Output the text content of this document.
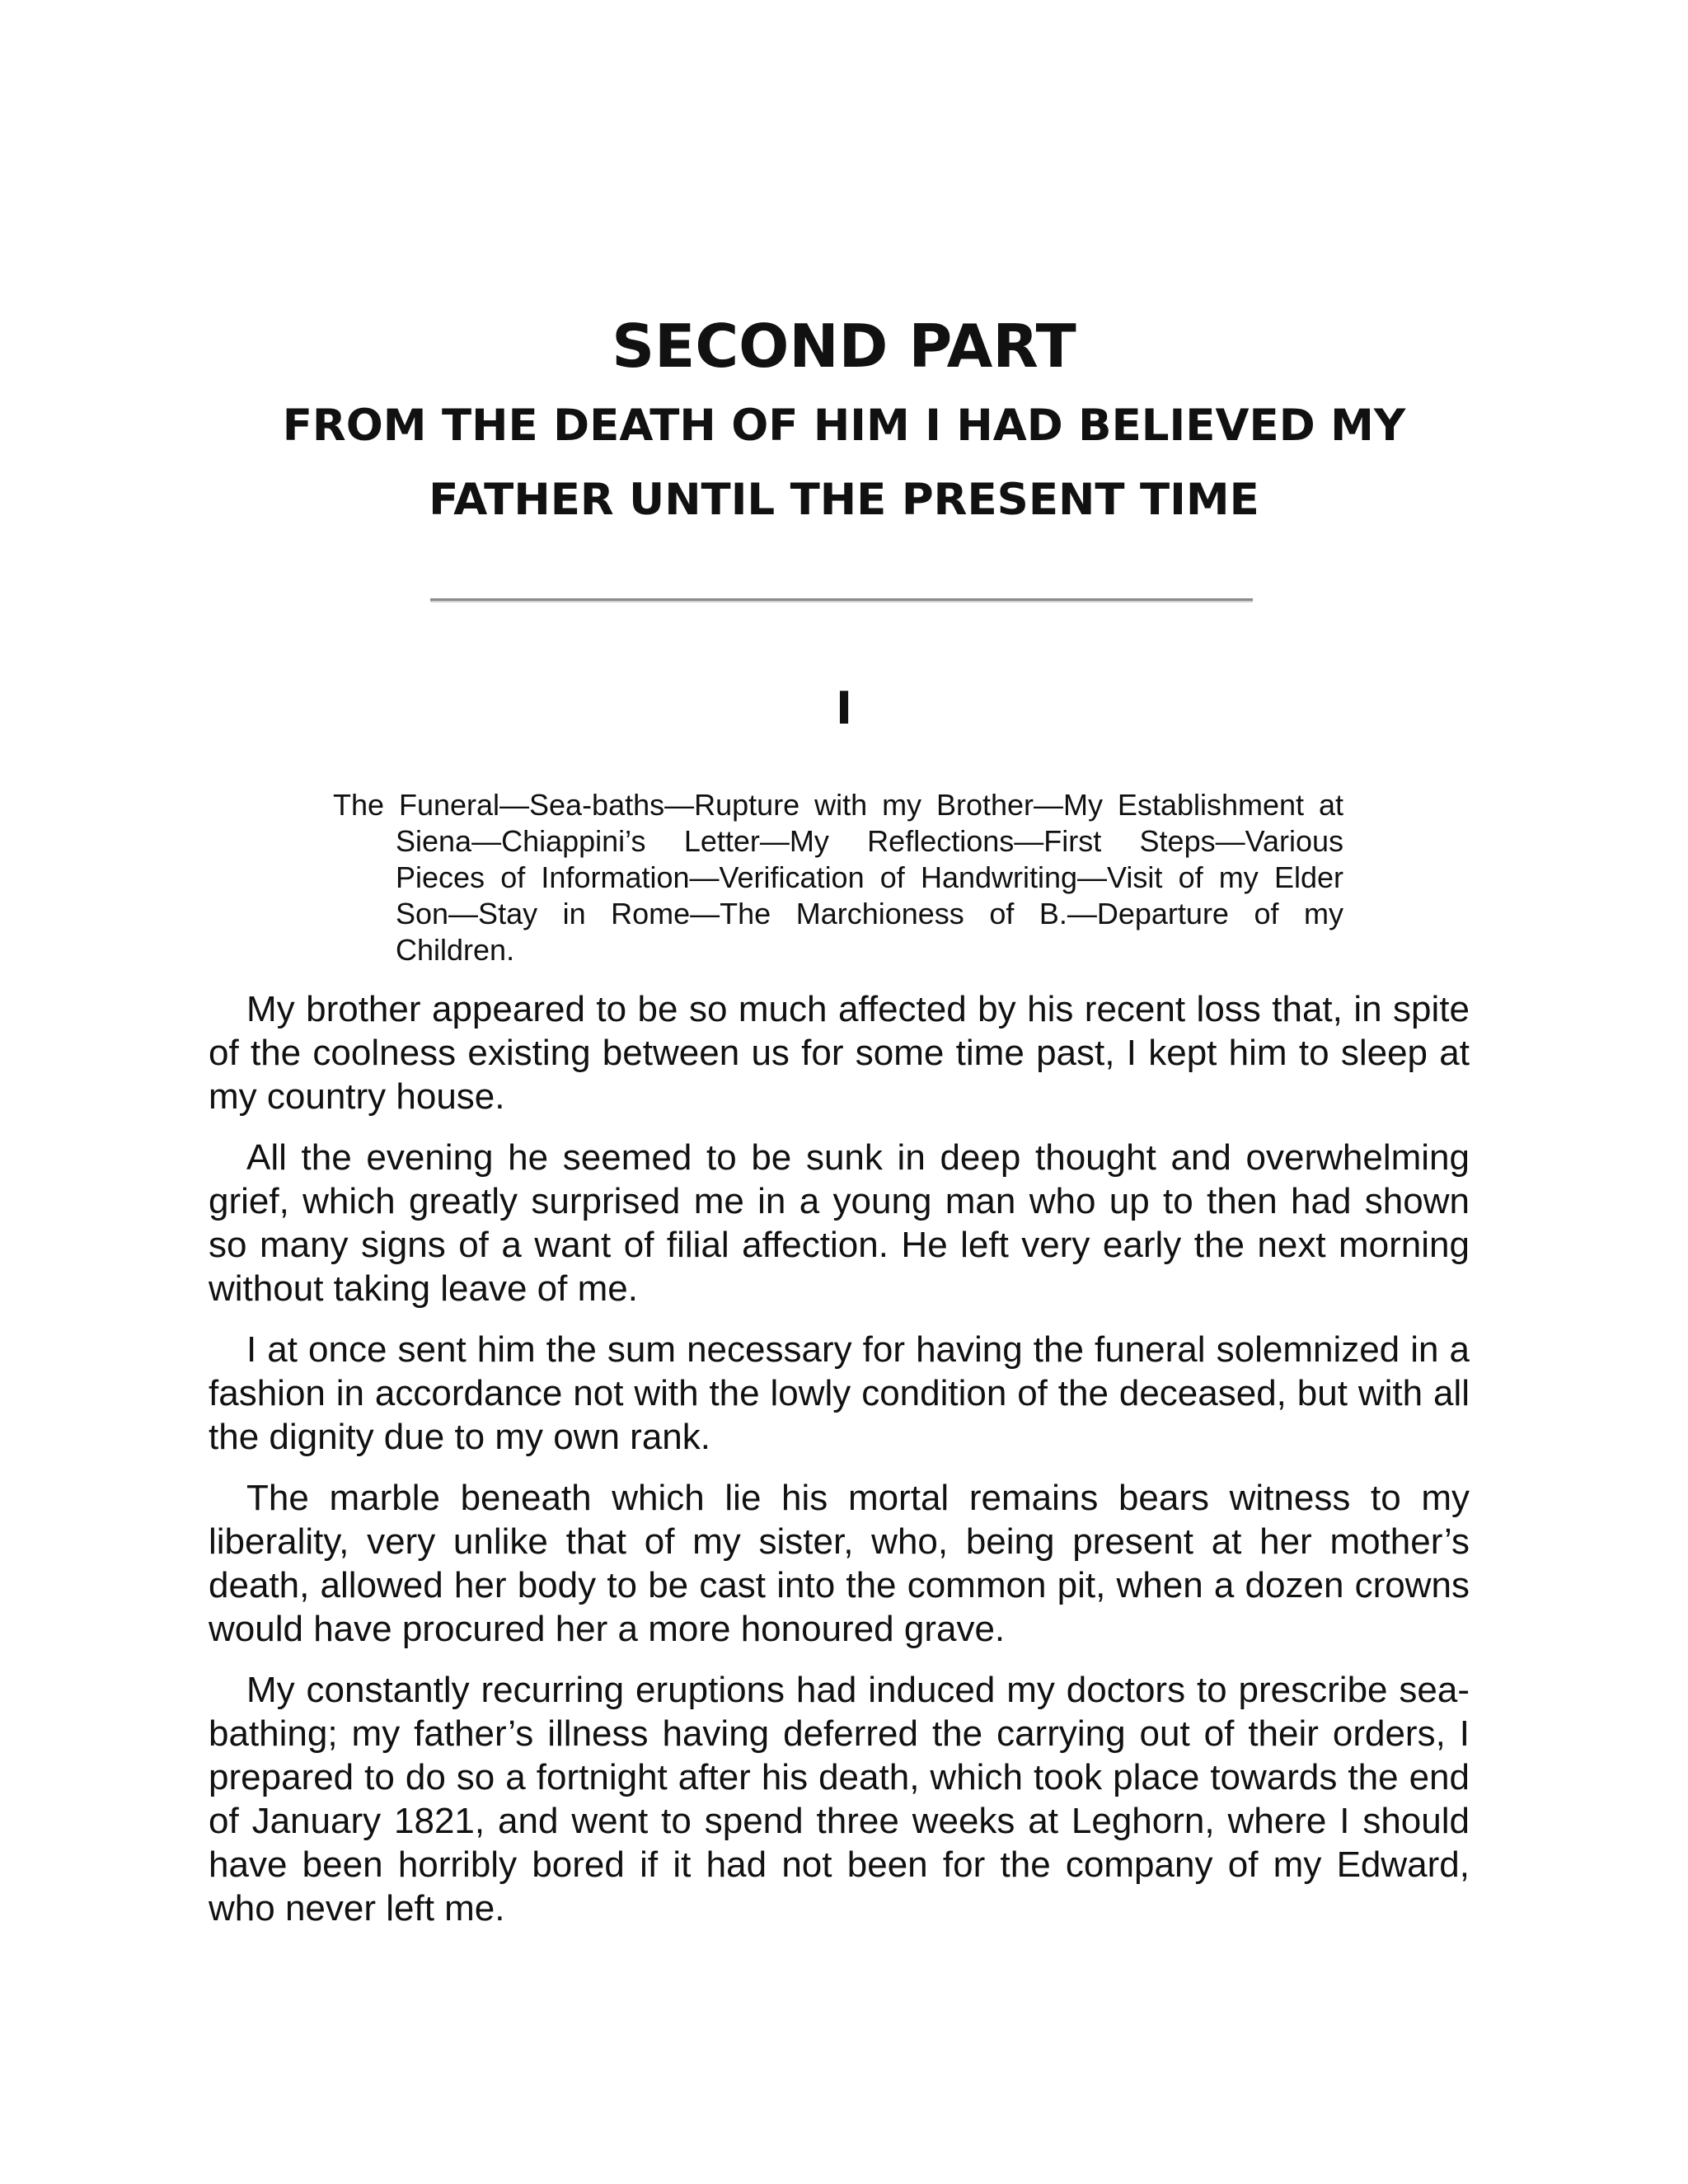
SECOND PART
FROM THE DEATH OF HIM I HAD BELIEVED MY FATHER UNTIL THE PRESENT TIME
I

The Funeral—Sea-baths—Rupture with my Brother—My Establishment at Siena—Chiappini’s Letter—My Reflections—First Steps—Various Pieces of Information—Verification of Handwriting—Visit of my Elder Son—Stay in Rome—The Marchioness of B.—Departure of my Children.

My brother appeared to be so much affected by his recent loss that, in spite of the coolness existing between us for some time past, I kept him to sleep at my country house.

All the evening he seemed to be sunk in deep thought and overwhelming grief, which greatly surprised me in a young man who up to then had shown so many signs of a want of filial affection. He left very early the next morning without taking leave of me.

I at once sent him the sum necessary for having the funeral solemnized in a fashion in accordance not with the lowly condition of the deceased, but with all the dignity due to my own rank.

The marble beneath which lie his mortal remains bears witness to my liberality, very unlike that of my sister, who, being present at her mother’s death, allowed her body to be cast into the common pit, when a dozen crowns would have procured her a more honoured grave.

My constantly recurring eruptions had induced my doctors to prescribe sea-bathing; my father’s illness having deferred the carrying out of their orders, I prepared to do so a fortnight after his death, which took place towards the end of January 1821, and went to spend three weeks at Leghorn, where I should have been horribly bored if it had not been for the company of my Edward, who never left me.
